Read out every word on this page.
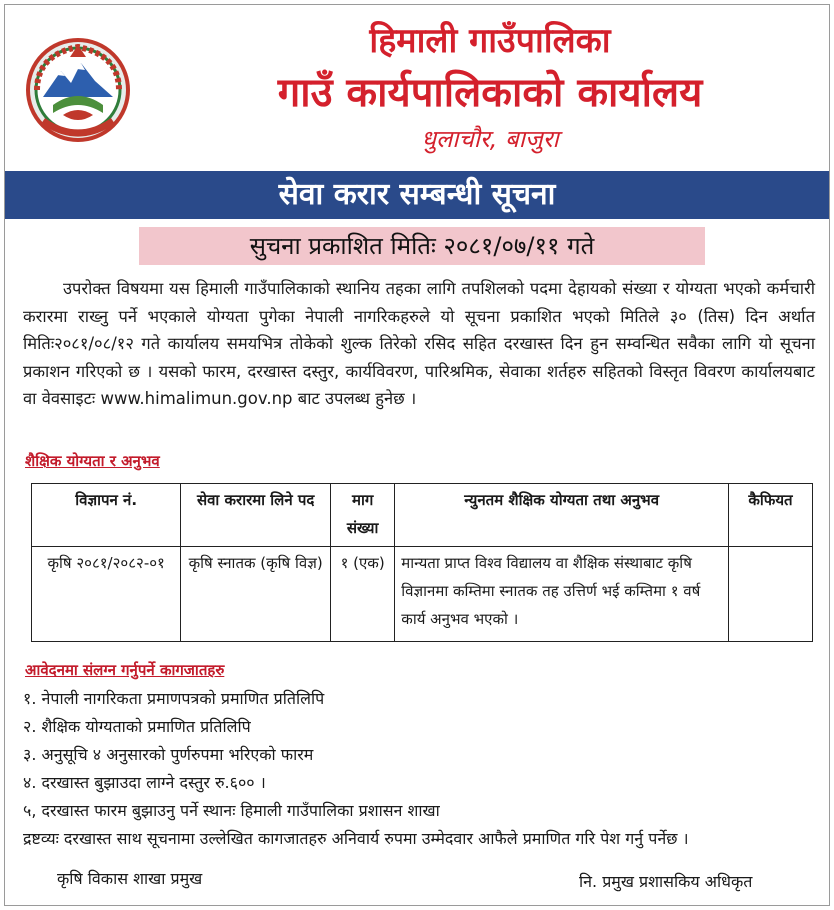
हिमाली गाउँपालिका
गाउँ कार्यपालिकाको कार्यालय
धुलाचौर, बाजुरा
सेवा करार सम्बन्धी सूचना
सुचना प्रकाशित मितिः २०८१/०७/११ गते
उपरोक्त विषयमा यस हिमाली गाउँपालिकाको स्थानिय तहका लागि तपशिलको पदमा देहायको संख्या र योग्यता भएको कर्मचारी करारमा राख्नु पर्ने भएकाले योग्यता पुगेका नेपाली नागरिकहरुले यो सूचना प्रकाशित भएको मितिले ३० (तिस) दिन अर्थात मितिः२०८१/०८/१२ गते कार्यालय समयभित्र तोकेको शुल्क तिरेको रसिद सहित दरखास्त दिन हुन सम्वन्धित सवैका लागि यो सूचना प्रकाशन गरिएको छ । यसको फारम, दरखास्त दस्तुर, कार्यविवरण, पारिश्रमिक, सेवाका शर्तहरु सहितको विस्तृत विवरण कार्यालयबाट वा वेवसाइटः www.himalimun.gov.np बाट उपलब्ध हुनेछ ।
शैक्षिक योग्यता र अनुभव
विज्ञापन नं.	सेवा करारमा लिने पद	माग संख्या	न्युनतम शैक्षिक योग्यता तथा अनुभव	कैफियत
कृषि २०८१/२०८२-०१	कृषि स्नातक (कृषि विज्ञ)	१ (एक)	मान्यता प्राप्त विश्व विद्यालय वा शैक्षिक संस्थाबाट कृषि विज्ञानमा कम्तिमा स्नातक तह उत्तिर्ण भई कम्तिमा १ वर्ष कार्य अनुभव भएको ।	
आवेदनमा संलग्न गर्नुपर्ने कागजातहरु
१. नेपाली नागरिकता प्रमाणपत्रको प्रमाणित प्रतिलिपि
२. शैक्षिक योग्यताको प्रमाणित प्रतिलिपि
३. अनुसूचि ४ अनुसारको पुर्णरुपमा भरिएको फारम
४. दरखास्त बुझाउदा लाग्ने दस्तुर रु.६०० ।
५, दरखास्त फारम बुझाउनु पर्ने स्थानः हिमाली गाउँपालिका प्रशासन शाखा
द्रष्टव्यः दरखास्त साथ सूचनामा उल्लेखित कागजातहरु अनिवार्य रुपमा उम्मेदवार आफैले प्रमाणित गरि पेश गर्नु पर्नेछ ।
कृषि विकास शाखा प्रमुख	नि. प्रमुख प्रशासकिय अधिकृत
